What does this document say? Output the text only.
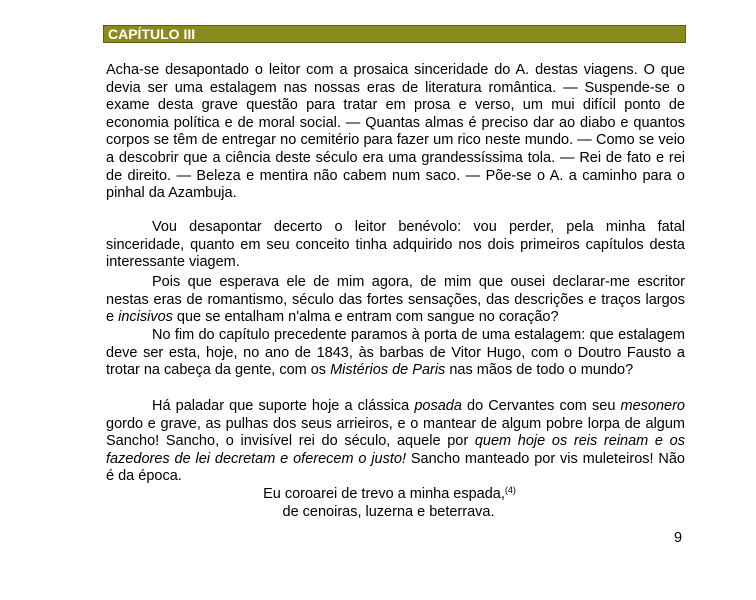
CAPÍTULO III
Acha-se desapontado o leitor com a prosaica sinceridade do A. destas viagens. O que devia ser uma estalagem nas nossas eras de literatura romântica. — Suspende-se o exame desta grave questão para tratar em prosa e verso, um mui difícil ponto de economia política e de moral social. — Quantas almas é preciso dar ao diabo e quantos corpos se têm de entregar no cemitério para fazer um rico neste mundo. — Como se veio a descobrir que a ciência deste século era uma grandessíssima tola. — Rei de fato e rei de direito. — Beleza e mentira não cabem num saco. — Põe-se o A. a caminho para o pinhal da Azambuja.
Vou desapontar decerto o leitor benévolo: vou perder, pela minha fatal sinceridade, quanto em seu conceito tinha adquirido nos dois primeiros capítulos desta interessante viagem.
Pois que esperava ele de mim agora, de mim que ousei declarar-me escritor nestas eras de romantismo, século das fortes sensações, das descrições e traços largos e incisivos que se entalham n'alma e entram com sangue no coração?
No fim do capítulo precedente paramos à porta de uma estalagem: que estalagem deve ser esta, hoje, no ano de 1843, às barbas de Vitor Hugo, com o Doutro Fausto a trotar na cabeça da gente, com os Mistérios de Paris nas mãos de todo o mundo?
Há paladar que suporte hoje a clássica posada do Cervantes com seu mesonero gordo e grave, as pulhas dos seus arrieiros, e o mantear de algum pobre lorpa de algum Sancho! Sancho, o invisível rei do século, aquele por quem hoje os reis reinam e os fazedores de lei decretam e oferecem o justo! Sancho manteado por vis muleteiros! Não é da época.
Eu coroarei de trevo a minha espada,$^{(4)}$
de cenoiras, luzerna e beterrava.
9
